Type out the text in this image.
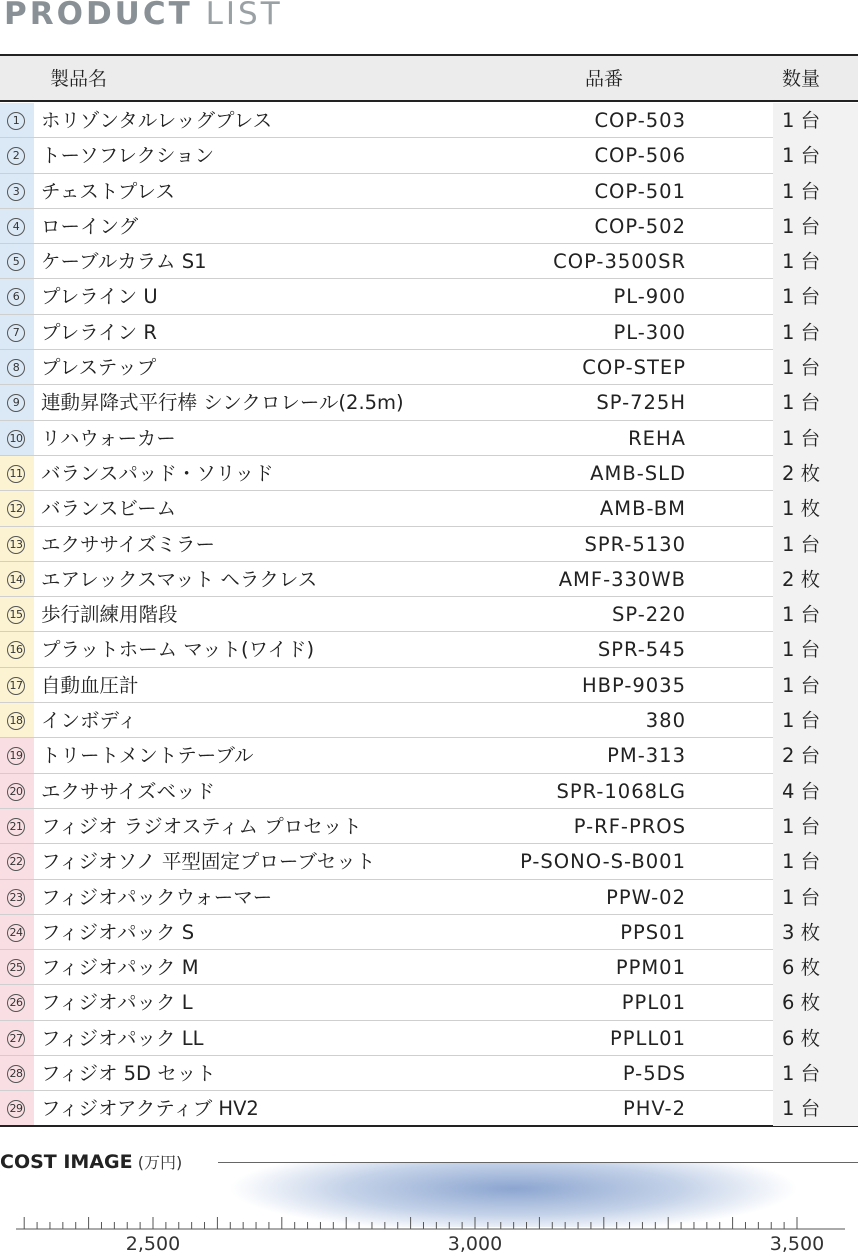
PRODUCT LIST
製品名	品番	数量
1 ホリゾンタルレッグプレス	COP-503	1 台
2 トーソフレクション	COP-506	1 台
3 チェストプレス	COP-501	1 台
4 ローイング	COP-502	1 台
5 ケーブルカラム S1	COP-3500SR	1 台
6 プレライン U	PL-900	1 台
7 プレライン R	PL-300	1 台
8 プレステップ	COP-STEP	1 台
9 連動昇降式平行棒 シンクロレール(2.5m)	SP-725H	1 台
10 リハウォーカー	REHA	1 台
11 バランスパッド・ソリッド	AMB-SLD	2 枚
12 バランスビーム	AMB-BM	1 枚
13 エクササイズミラー	SPR-5130	1 台
14 エアレックスマット ヘラクレス	AMF-330WB	2 枚
15 歩行訓練用階段	SP-220	1 台
16 プラットホーム マット(ワイド)	SPR-545	1 台
17 自動血圧計	HBP-9035	1 台
18 インボディ	380	1 台
19 トリートメントテーブル	PM-313	2 台
20 エクササイズベッド	SPR-1068LG	4 台
21 フィジオ ラジオスティム プロセット	P-RF-PROS	1 台
22 フィジオソノ 平型固定プローブセット	P-SONO-S-B001	1 台
23 フィジオパックウォーマー	PPW-02	1 台
24 フィジオパック S	PPS01	3 枚
25 フィジオパック M	PPM01	6 枚
26 フィジオパック L	PPL01	6 枚
27 フィジオパック LL	PPLL01	6 枚
28 フィジオ 5D セット	P-5DS	1 台
29 フィジオアクティブ HV2	PHV-2	1 台
COST IMAGE (万円)
2,500	3,000	3,500
